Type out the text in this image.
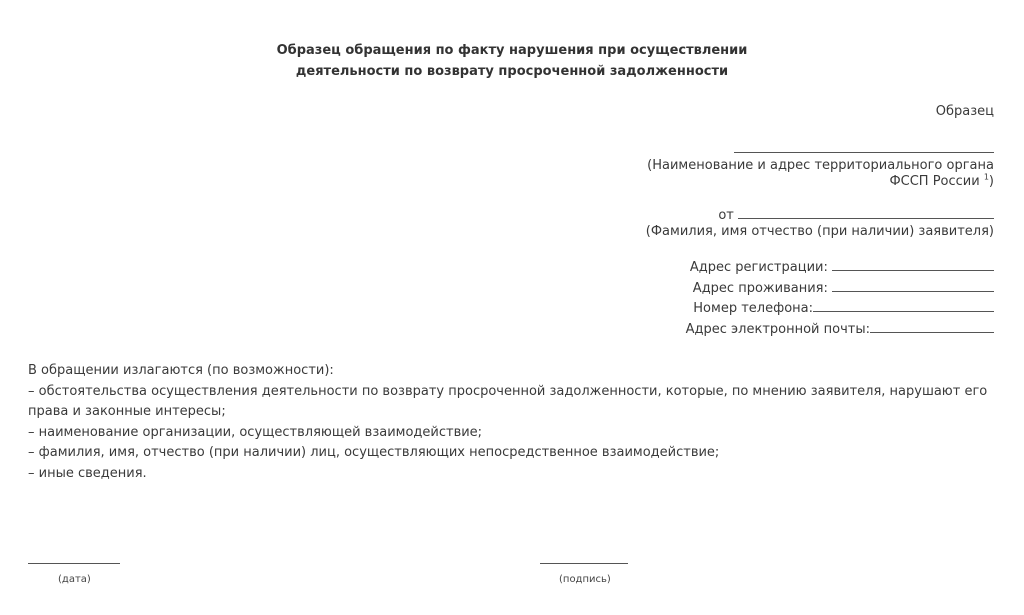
Образец обращения по факту нарушения при осуществлении
деятельности по возврату просроченной задолженности
Образец
(Наименование и адрес территориального органа
ФССП России $^1$)
от
(Фамилия, имя отчество (при наличии) заявителя)
Адрес регистрации:
Адрес проживания:
Номер телефона:
Адрес электронной почты:
В обращении излагаются (по возможности):
– обстоятельства осуществления деятельности по возврату просроченной задолженности, которые, по мнению заявителя, нарушают его права и законные интересы;
– наименование организации, осуществляющей взаимодействие;
– фамилия, имя, отчество (при наличии) лиц, осуществляющих непосредственное взаимодействие;
– иные сведения.
(дата)	(подпись)
